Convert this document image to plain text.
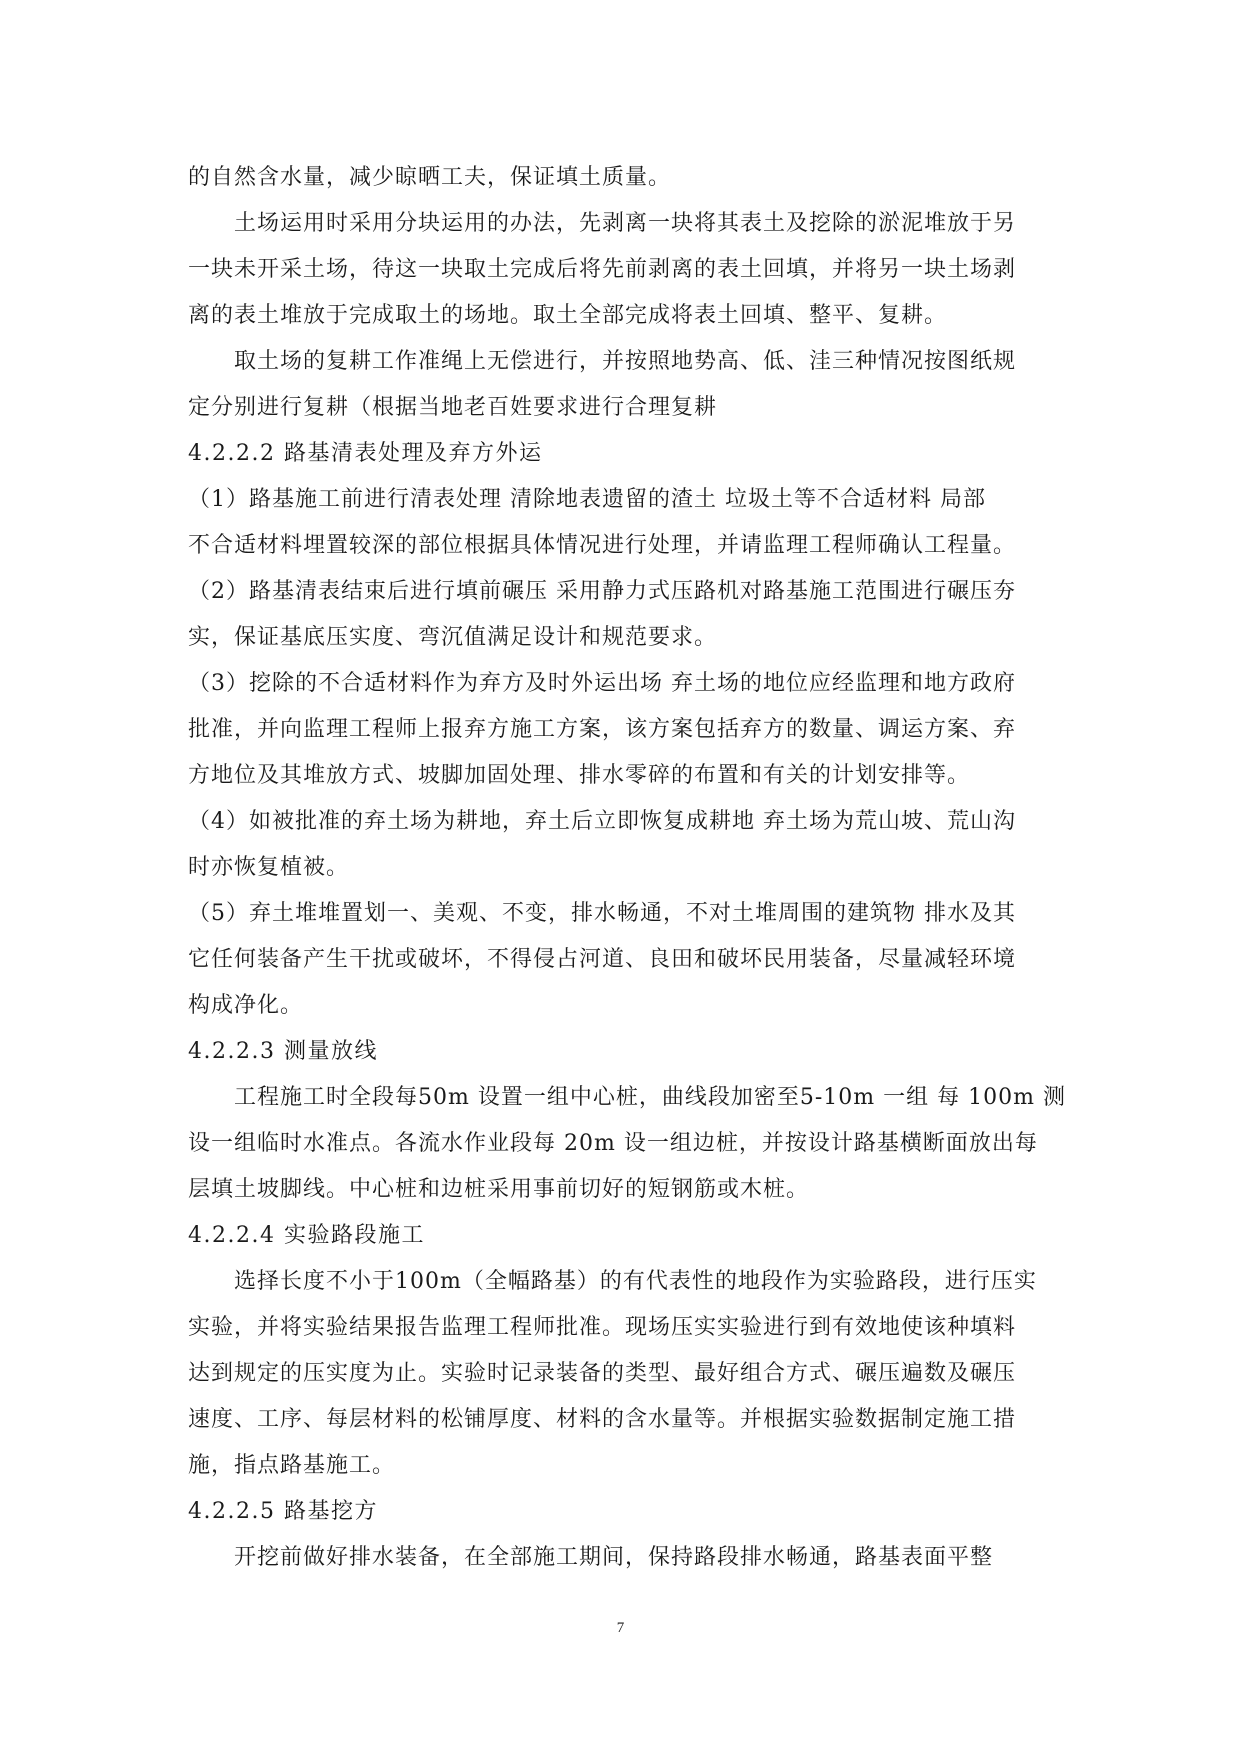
的自然含水量，减少晾晒工夫，保证填土质量。
土场运用时采用分块运用的办法，先剥离一块将其表土及挖除的淤泥堆放于另
一块未开采土场，待这一块取土完成后将先前剥离的表土回填，并将另一块土场剥
离的表土堆放于完成取土的场地。取土全部完成将表土回填、整平、复耕。
取土场的复耕工作准绳上无偿进行，并按照地势高、低、洼三种情况按图纸规
定分别进行复耕（根据当地老百姓要求进行合理复耕
4.2.2.2 路基清表处理及弃方外运
（1）路基施工前进行清表处理 清除地表遗留的渣土 垃圾土等不合适材料 局部
不合适材料埋置较深的部位根据具体情况进行处理，并请监理工程师确认工程量。
（2）路基清表结束后进行填前碾压 采用静力式压路机对路基施工范围进行碾压夯
实，保证基底压实度、弯沉值满足设计和规范要求。
（3）挖除的不合适材料作为弃方及时外运出场 弃土场的地位应经监理和地方政府
批准，并向监理工程师上报弃方施工方案，该方案包括弃方的数量、调运方案、弃
方地位及其堆放方式、坡脚加固处理、排水零碎的布置和有关的计划安排等。
（4）如被批准的弃土场为耕地，弃土后立即恢复成耕地 弃土场为荒山坡、荒山沟
时亦恢复植被。
（5）弃土堆堆置划一、美观、不变，排水畅通，不对土堆周围的建筑物 排水及其
它任何装备产生干扰或破坏，不得侵占河道、良田和破坏民用装备，尽量减轻环境
构成净化。
4.2.2.3 测量放线
工程施工时全段每50m 设置一组中心桩，曲线段加密至5-10m 一组 每 100m 测
设一组临时水准点。各流水作业段每 20m 设一组边桩，并按设计路基横断面放出每
层填土坡脚线。中心桩和边桩采用事前切好的短钢筋或木桩。
4.2.2.4 实验路段施工
选择长度不小于100m（全幅路基）的有代表性的地段作为实验路段，进行压实
实验，并将实验结果报告监理工程师批准。现场压实实验进行到有效地使该种填料
达到规定的压实度为止。实验时记录装备的类型、最好组合方式、碾压遍数及碾压
速度、工序、每层材料的松铺厚度、材料的含水量等。并根据实验数据制定施工措
施，指点路基施工。
4.2.2.5 路基挖方
开挖前做好排水装备，在全部施工期间，保持路段排水畅通，路基表面平整
7
